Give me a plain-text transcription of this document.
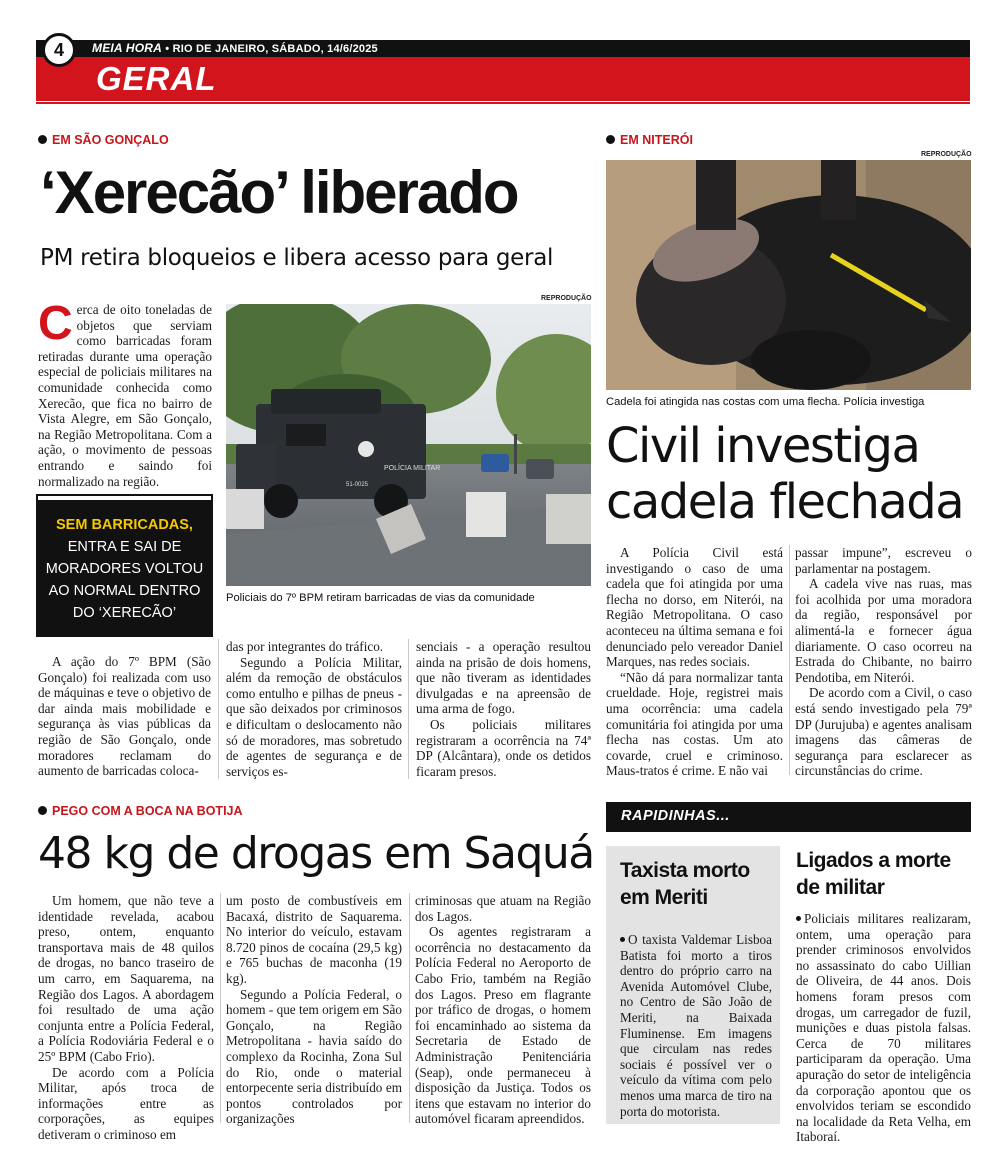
4	MEIA HORA • RIO DE JANEIRO, SÁBADO, 14/6/2025
GERAL
EM SÃO GONÇALO
‘Xerecão’ liberado
PM retira bloqueios e libera acesso para geral
C erca de oito toneladas de objetos que serviam como barricadas foram retiradas durante uma operação especial de policiais militares na comunidade conhecida como Xerecão, que fica no bairro de Vista Alegre, em São Gonçalo, na Região Metropolitana. Com a ação, o movimento de pessoas entrando e saindo foi normalizado na região.

SEM BARRICADAS,
ENTRA E SAI DE MORADORES VOLTOU AO NORMAL DENTRO DO ‘XERECÃO’
REPRODUÇÃO
POLÍCIA MILITAR
51-0025
Policiais do 7º BPM retiram barricadas de vias da comunidade

A ação do 7º BPM (São Gonçalo) foi realizada com uso de máquinas e teve o objetivo de dar ainda mais mobilidade e segurança às vias públicas da região de São Gonçalo, onde moradores reclamam do aumento de barricadas coloca-

das por integrantes do tráfico.

Segundo a Polícia Militar, além da remoção de obstáculos como entulho e pilhas de pneus - que são deixados por criminosos e dificultam o deslocamento não só de moradores, mas sobretudo de agentes de segurança e de serviços es-

senciais - a operação resultou ainda na prisão de dois homens, que não tiveram as identidades divulgadas e na apreensão de uma arma de fogo.

Os policiais militares registraram a ocorrência na 74ª DP (Alcântara), onde os detidos ficaram presos.

EM NITERÓI
REPRODUÇÃO
Cadela foi atingida nas costas com uma flecha. Polícia investiga
Civil investiga
cadela flechada

A Polícia Civil está investigando o caso de uma cadela que foi atingida por uma flecha no dorso, em Niterói, na Região Metropolitana. O caso aconteceu na última semana e foi denunciado pelo vereador Daniel Marques, nas redes sociais.

“Não dá para normalizar tanta crueldade. Hoje, registrei mais uma ocorrência: uma cadela comunitária foi atingida por uma flecha nas costas. Um ato covarde, cruel e criminoso. Maus-tratos é crime. E não vai

passar impune”, escreveu o parlamentar na postagem.

A cadela vive nas ruas, mas foi acolhida por uma moradora da região, responsável por alimentá-la e fornecer água diariamente. O caso ocorreu na Estrada do Chibante, no bairro Pendotiba, em Niterói.

De acordo com a Civil, o caso está sendo investigado pela 79ª DP (Jurujuba) e agentes analisam imagens das câmeras de segurança para esclarecer as circunstâncias do crime.

PEGO COM A BOCA NA BOTIJA
48 kg de drogas em Saquá

Um homem, que não teve a identidade revelada, acabou preso, ontem, enquanto transportava mais de 48 quilos de drogas, no banco traseiro de um carro, em Saquarema, na Região dos Lagos. A abordagem foi resultado de uma ação conjunta entre a Polícia Federal, a Polícia Rodoviária Federal e o 25º BPM (Cabo Frio).

De acordo com a Polícia Militar, após troca de informações entre as corporações, as equipes detiveram o criminoso em

um posto de combustíveis em Bacaxá, distrito de Saquarema. No interior do veículo, estavam 8.720 pinos de cocaína (29,5 kg) e 765 buchas de maconha (19 kg).

Segundo a Polícia Federal, o homem - que tem origem em São Gonçalo, na Região Metropolitana - havia saído do complexo da Rocinha, Zona Sul do Rio, onde o material entorpecente seria distribuído em pontos controlados por organizações

criminosas que atuam na Região dos Lagos.

Os agentes registraram a ocorrência no destacamento da Polícia Federal no Aeroporto de Cabo Frio, também na Região dos Lagos. Preso em flagrante por tráfico de drogas, o homem foi encaminhado ao sistema da Secretaria de Estado de Administração Penitenciária (Seap), onde permaneceu à disposição da Justiça. Todos os itens que estavam no interior do automóvel ficaram apreendidos.

RAPIDINHAS...
Taxista morto em Meriti
O taxista Valdemar Lisboa Batista foi morto a tiros dentro do próprio carro na Avenida Automóvel Clube, no Centro de São João de Meriti, na Baixada Fluminense. Em imagens que circulam nas redes sociais é possível ver o veículo da vítima com pelo menos uma marca de tiro na porta do motorista.
Ligados a morte de militar
Policiais militares realizaram, ontem, uma operação para prender criminosos envolvidos no assassinato do cabo Uillian de Oliveira, de 44 anos. Dois homens foram presos com drogas, um carregador de fuzil, munições e duas pistola falsas. Cerca de 70 militares participaram da operação. Uma apuração do setor de inteligência da corporação apontou que os envolvidos teriam se escondido na localidade da Reta Velha, em Itaboraí.
